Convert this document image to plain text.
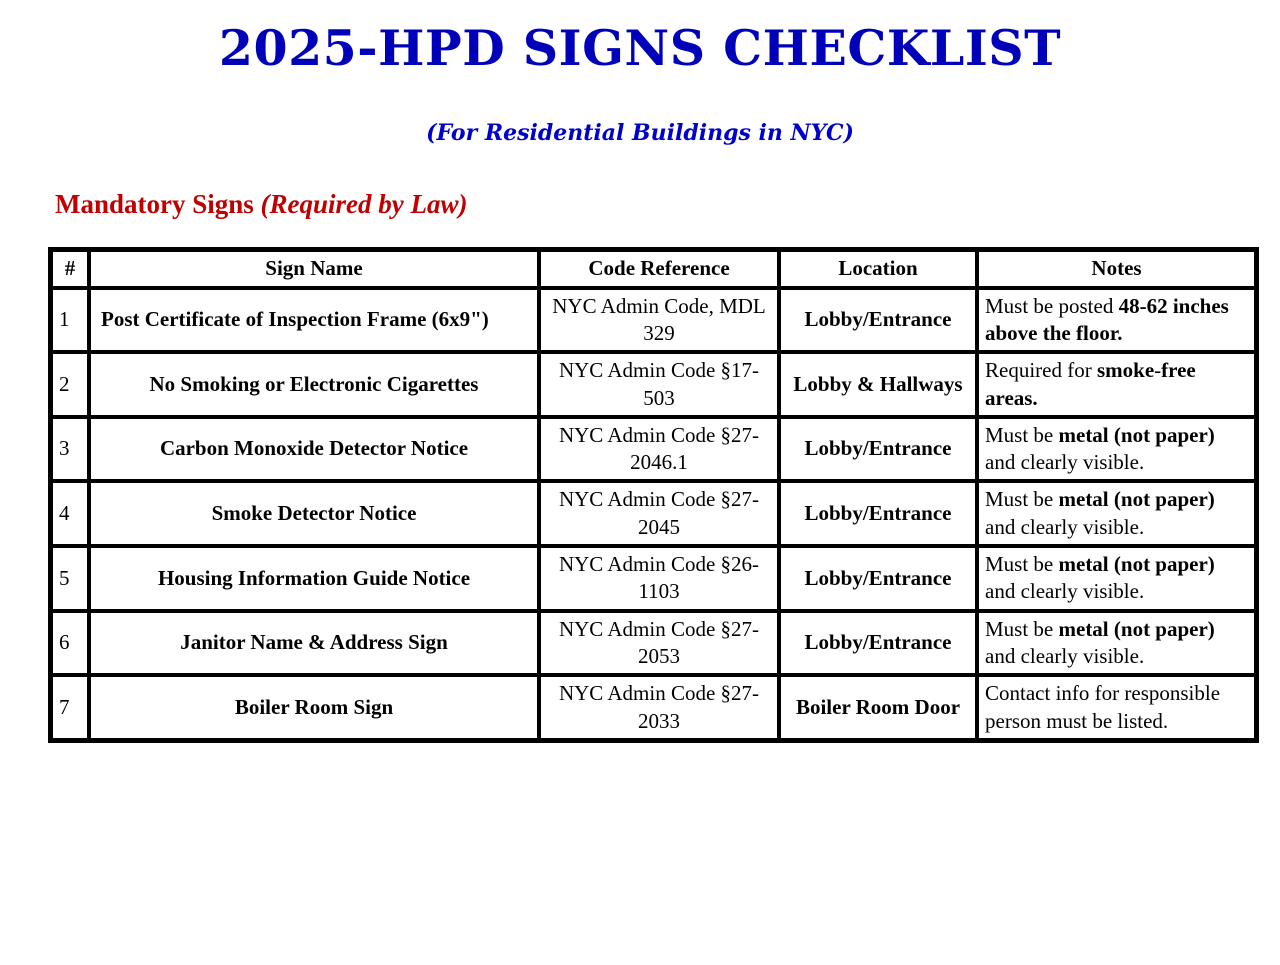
2025-HPD SIGNS CHECKLIST
(For Residential Buildings in NYC)
Mandatory Signs (Required by Law)
#	Sign Name	Code Reference	Location	Notes
1	Post Certificate of Inspection Frame (6x9")	NYC Admin Code, MDL 329	Lobby/Entrance	Must be posted 48-62 inches above the floor.
2	No Smoking or Electronic Cigarettes	NYC Admin Code §17-503	Lobby & Hallways	Required for smoke-free areas.
3	Carbon Monoxide Detector Notice	NYC Admin Code §27-2046.1	Lobby/Entrance	Must be metal (not paper) and clearly visible.
4	Smoke Detector Notice	NYC Admin Code §27-2045	Lobby/Entrance	Must be metal (not paper) and clearly visible.
5	Housing Information Guide Notice	NYC Admin Code §26-1103	Lobby/Entrance	Must be metal (not paper) and clearly visible.
6	Janitor Name & Address Sign	NYC Admin Code §27-2053	Lobby/Entrance	Must be metal (not paper) and clearly visible.
7	Boiler Room Sign	NYC Admin Code §27-2033	Boiler Room Door	Contact info for responsible person must be listed.
